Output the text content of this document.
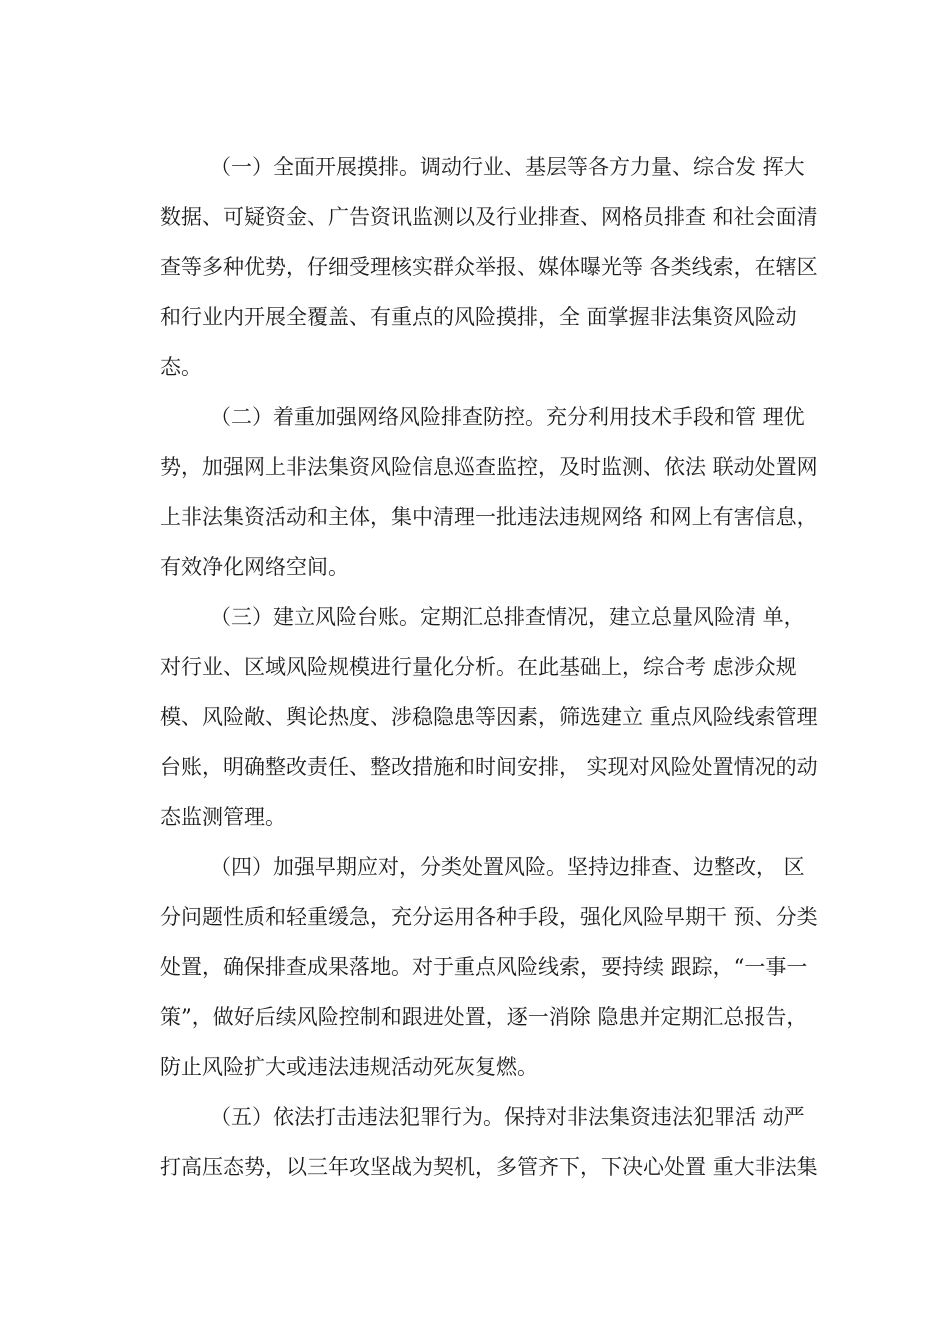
（一）全面开展摸排。调动行业、基层等各方力量、综合发 挥大
数据、可疑资金、广告资讯监测以及行业排查、网格员排查 和社会面清
查等多种优势，仔细受理核实群众举报、媒体曝光等 各类线索，在辖区
和行业内开展全覆盖、有重点的风险摸排，全 面掌握非法集资风险动
态。
（二）着重加强网络风险排查防控。充分利用技术手段和管 理优
势，加强网上非法集资风险信息巡查监控，及时监测、依法 联动处置网
上非法集资活动和主体，集中清理一批违法违规网络 和网上有害信息，
有效净化网络空间。
（三）建立风险台账。定期汇总排查情况，建立总量风险清 单，
对行业、区域风险规模进行量化分析。在此基础上，综合考 虑涉众规
模、风险敞、舆论热度、涉稳隐患等因素，筛选建立 重点风险线索管理
台账，明确整改责任、整改措施和时间安排， 实现对风险处置情况的动
态监测管理。
（四）加强早期应对，分类处置风险。坚持边排查、边整改， 区
分问题性质和轻重缓急，充分运用各种手段，强化风险早期干 预、分类
处置，确保排查成果落地。对于重点风险线索，要持续 跟踪，“一事一
策”，做好后续风险控制和跟进处置，逐一消除 隐患并定期汇总报告，
防止风险扩大或违法违规活动死灰复燃。
（五）依法打击违法犯罪行为。保持对非法集资违法犯罪活 动严
打高压态势，以三年攻坚战为契机，多管齐下，下决心处置 重大非法集
